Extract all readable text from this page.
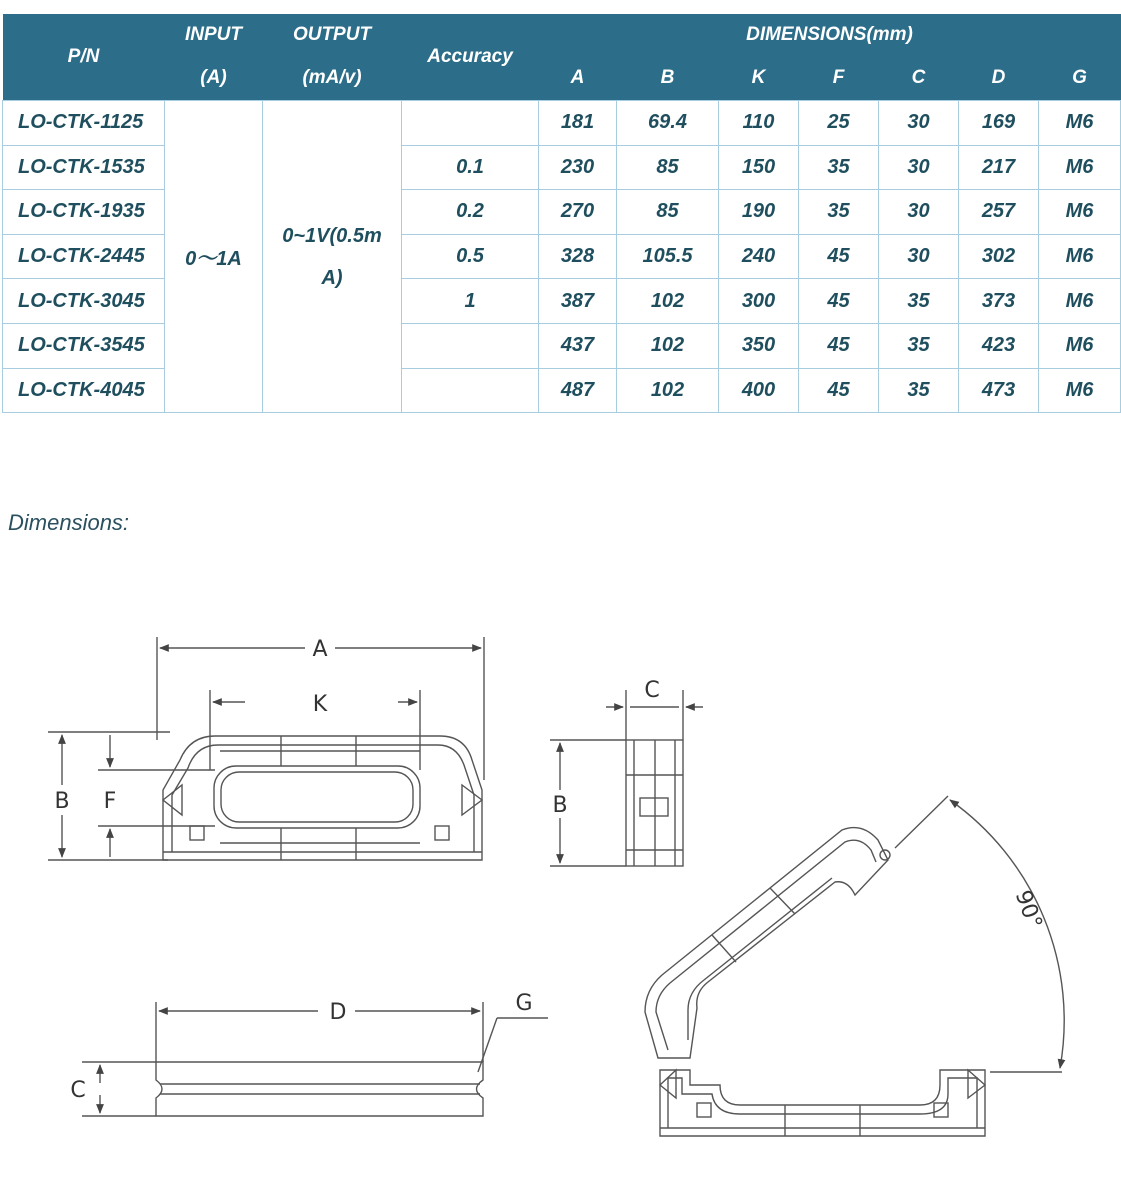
P/N	INPUT	OUTPUT	Accuracy	DIMENSIONS(mm)						
	(A)	(mA/v)		A	B	K	F	C	D	G
LO-CTK-1125	0～1A	0~1V(0.5m A)		181	69.4	110	25	30	169	M6
LO-CTK-1535			0.1	230	85	150	35	30	217	M6
LO-CTK-1935			0.2	270	85	190	35	30	257	M6
LO-CTK-2445			0.5	328	105.5	240	45	30	302	M6
LO-CTK-3045			1	387	102	300	45	35	373	M6
LO-CTK-3545				437	102	350	45	35	423	M6
LO-CTK-4045				487	102	400	45	35	473	M6
Dimensions:
A
K
B F
C
B
D	G
C
90°
